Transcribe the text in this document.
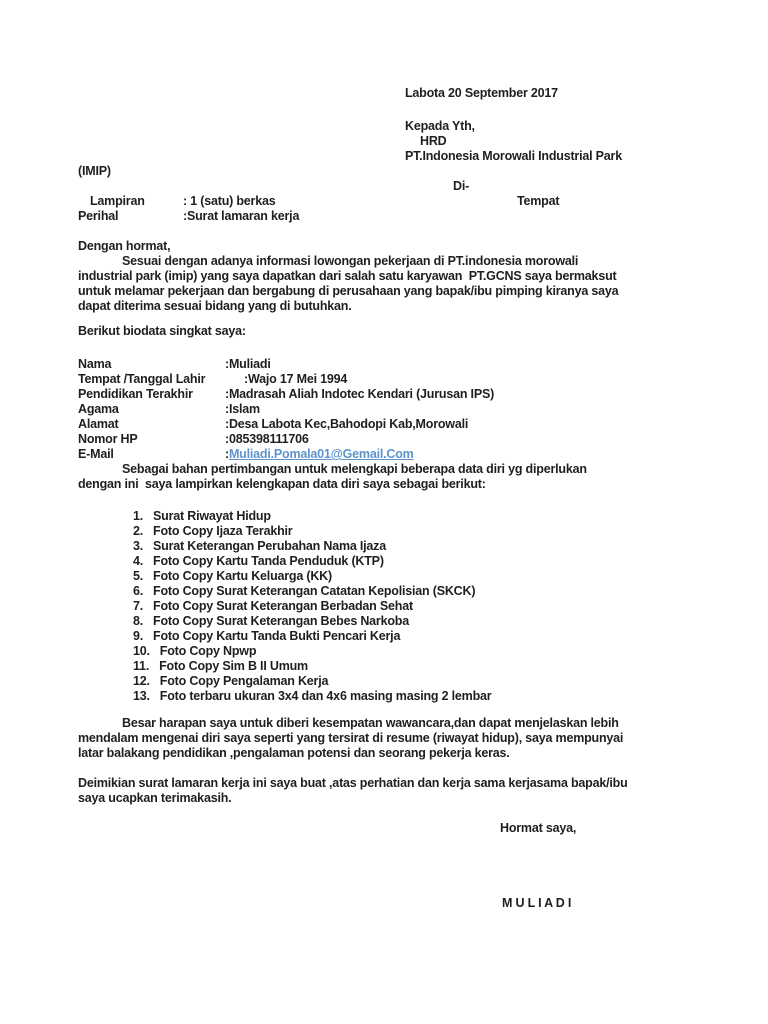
Labota 20 September 2017
Kepada Yth,
HRD
PT.Indonesia Morowali Industrial Park
(IMIP)
Di-
Lampiran	: 1 (satu) berkas	Tempat
Perihal	:Surat lamaran kerja
Dengan hormat,
Sesuai dengan adanya informasi lowongan pekerjaan di PT.indonesia morowali
industrial park (imip) yang saya dapatkan dari salah satu karyawan  PT.GCNS saya bermaksut
untuk melamar pekerjaan dan bergabung di perusahaan yang bapak/ibu pimping kiranya saya
dapat diterima sesuai bidang yang di butuhkan.
Berikut biodata singkat saya:
Nama	:Muliadi
Tempat /Tanggal Lahir	:Wajo 17 Mei 1994
Pendidikan Terakhir	:Madrasah Aliah Indotec Kendari (Jurusan IPS)
Agama	:Islam
Alamat	:Desa Labota Kec,Bahodopi Kab,Morowali
Nomor HP	:085398111706
E-Mail	: Muliadi.Pomala01@Gemail.Com
Sebagai bahan pertimbangan untuk melengkapi beberapa data diri yg diperlukan
dengan ini  saya lampirkan kelengkapan data diri saya sebagai berikut:
1. Surat Riwayat Hidup
2. Foto Copy Ijaza Terakhir
3. Surat Keterangan Perubahan Nama Ijaza
4. Foto Copy Kartu Tanda Penduduk (KTP)
5. Foto Copy Kartu Keluarga (KK)
6. Foto Copy Surat Keterangan Catatan Kepolisian (SKCK)
7. Foto Copy Surat Keterangan Berbadan Sehat
8. Foto Copy Surat Keterangan Bebes Narkoba
9. Foto Copy Kartu Tanda Bukti Pencari Kerja
10. Foto Copy Npwp
11. Foto Copy Sim B II Umum
12. Foto Copy Pengalaman Kerja
13. Foto terbaru ukuran 3x4 dan 4x6 masing masing 2 lembar
Besar harapan saya untuk diberi kesempatan wawancara,dan dapat menjelaskan lebih
mendalam mengenai diri saya seperti yang tersirat di resume (riwayat hidup), saya mempunyai
latar balakang pendidikan ,pengalaman potensi dan seorang pekerja keras.
Deimikian surat lamaran kerja ini saya buat ,atas perhatian dan kerja sama kerjasama bapak/ibu
saya ucapkan terimakasih.
Hormat saya,
M U L I A D I
